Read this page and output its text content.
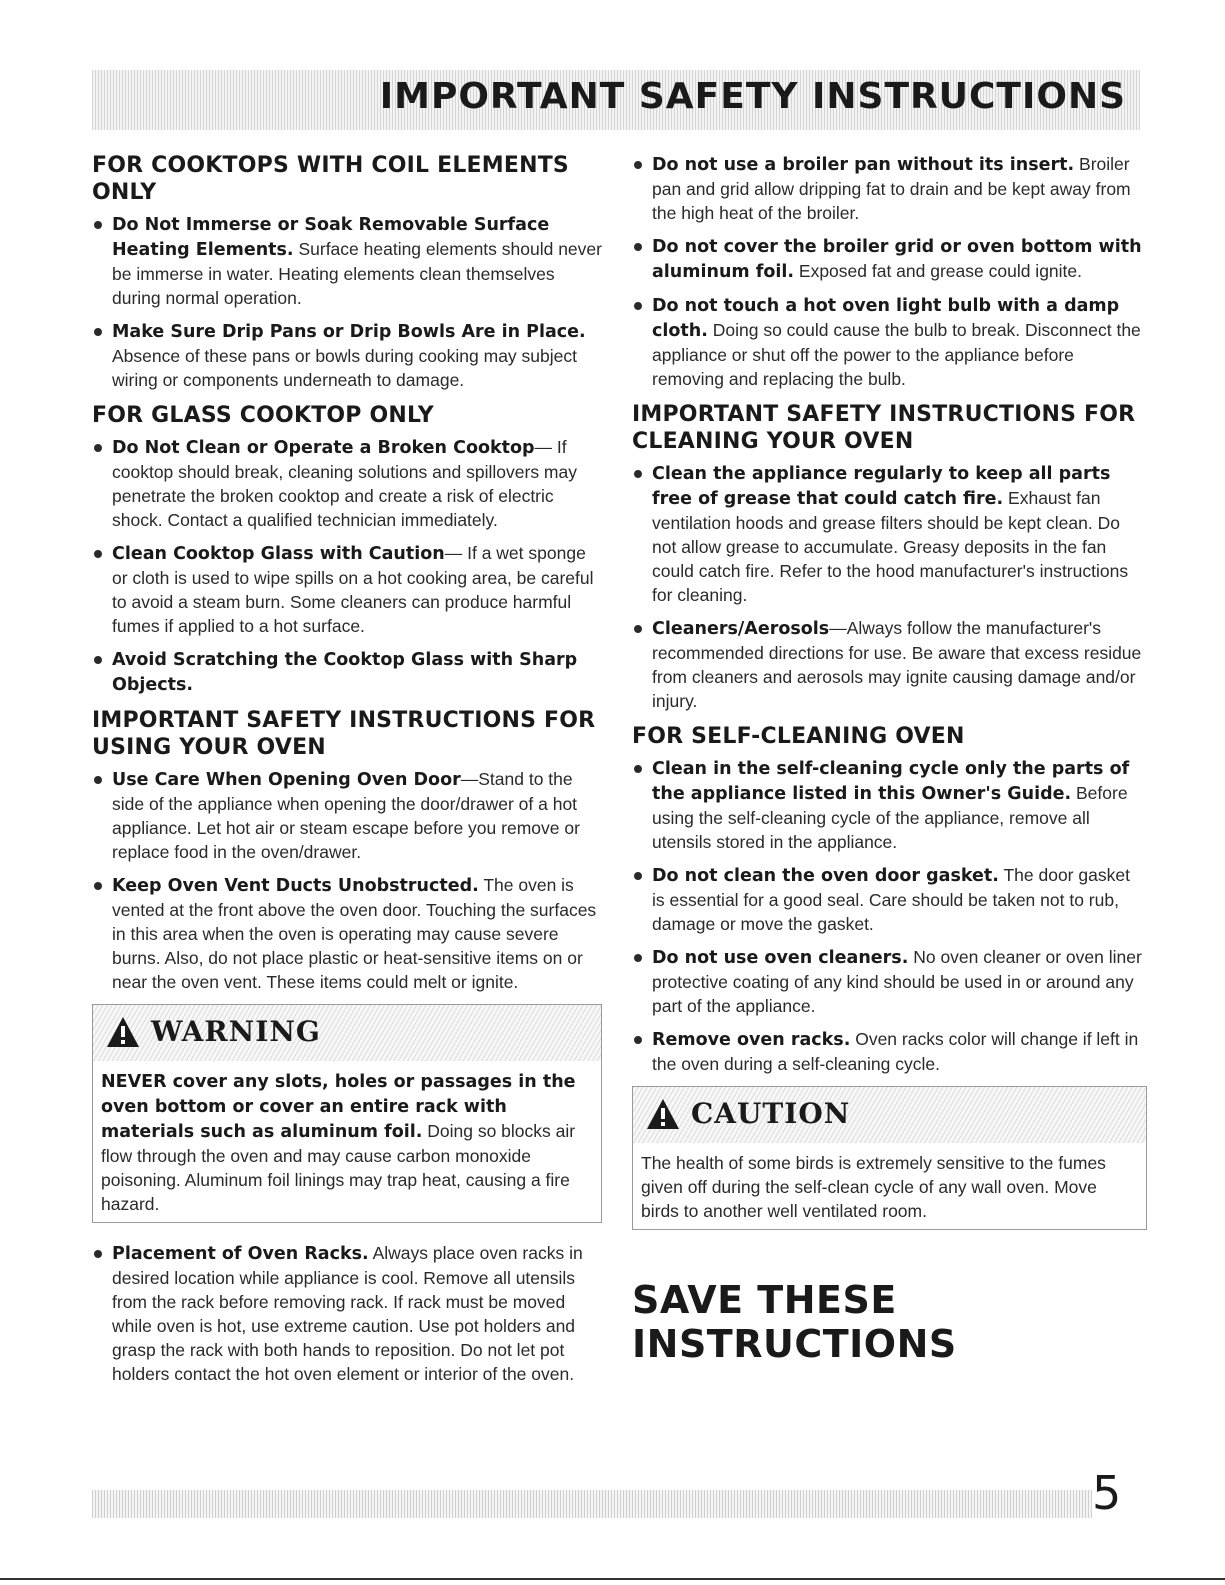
IMPORTANT SAFETY INSTRUCTIONS
FOR COOKTOPS WITH COIL ELEMENTS ONLY
Do Not Immerse or Soak Removable Surface Heating Elements. Surface heating elements should never be immerse in water. Heating elements clean themselves during normal operation.
Make Sure Drip Pans or Drip Bowls Are in Place. Absence of these pans or bowls during cooking may subject wiring or components underneath to damage.
FOR GLASS COOKTOP ONLY
Do Not Clean or Operate a Broken Cooktop— If cooktop should break, cleaning solutions and spillovers may penetrate the broken cooktop and create a risk of electric shock. Contact a qualified technician immediately.
Clean Cooktop Glass with Caution— If a wet sponge or cloth is used to wipe spills on a hot cooking area, be careful to avoid a steam burn. Some cleaners can produce harmful fumes if applied to a hot surface.
Avoid Scratching the Cooktop Glass with Sharp Objects.
IMPORTANT SAFETY INSTRUCTIONS FOR USING YOUR OVEN
Use Care When Opening Oven Door—Stand to the side of the appliance when opening the door/drawer of a hot appliance. Let hot air or steam escape before you remove or replace food in the oven/drawer.
Keep Oven Vent Ducts Unobstructed. The oven is vented at the front above the oven door. Touching the surfaces in this area when the oven is operating may cause severe burns. Also, do not place plastic or heat-sensitive items on or near the oven vent. These items could melt or ignite.
WARNING
NEVER cover any slots, holes or passages in the oven bottom or cover an entire rack with materials such as aluminum foil. Doing so blocks air flow through the oven and may cause carbon monoxide poisoning. Aluminum foil linings may trap heat, causing a fire hazard.
Placement of Oven Racks. Always place oven racks in desired location while appliance is cool. Remove all utensils from the rack before removing rack. If rack must be moved while oven is hot, use extreme caution. Use pot holders and grasp the rack with both hands to reposition. Do not let pot holders contact the hot oven element or interior of the oven.
Do not use a broiler pan without its insert. Broiler pan and grid allow dripping fat to drain and be kept away from the high heat of the broiler.
Do not cover the broiler grid or oven bottom with aluminum foil. Exposed fat and grease could ignite.
Do not touch a hot oven light bulb with a damp cloth. Doing so could cause the bulb to break. Disconnect the appliance or shut off the power to the appliance before removing and replacing the bulb.
IMPORTANT SAFETY INSTRUCTIONS FOR CLEANING YOUR OVEN
Clean the appliance regularly to keep all parts free of grease that could catch fire. Exhaust fan ventilation hoods and grease filters should be kept clean. Do not allow grease to accumulate. Greasy deposits in the fan could catch fire. Refer to the hood manufacturer's instructions for cleaning.
Cleaners/Aerosols—Always follow the manufacturer's recommended directions for use. Be aware that excess residue from cleaners and aerosols may ignite causing damage and/or injury.
FOR SELF-CLEANING OVEN
Clean in the self-cleaning cycle only the parts of the appliance listed in this Owner's Guide. Before using the self-cleaning cycle of the appliance, remove all utensils stored in the appliance.
Do not clean the oven door gasket. The door gasket is essential for a good seal. Care should be taken not to rub, damage or move the gasket.
Do not use oven cleaners. No oven cleaner or oven liner protective coating of any kind should be used in or around any part of the appliance.
Remove oven racks. Oven racks color will change if left in the oven during a self-cleaning cycle.
CAUTION
The health of some birds is extremely sensitive to the fumes given off during the self-clean cycle of any wall oven. Move birds to another well ventilated room.
SAVE THESE INSTRUCTIONS
5
